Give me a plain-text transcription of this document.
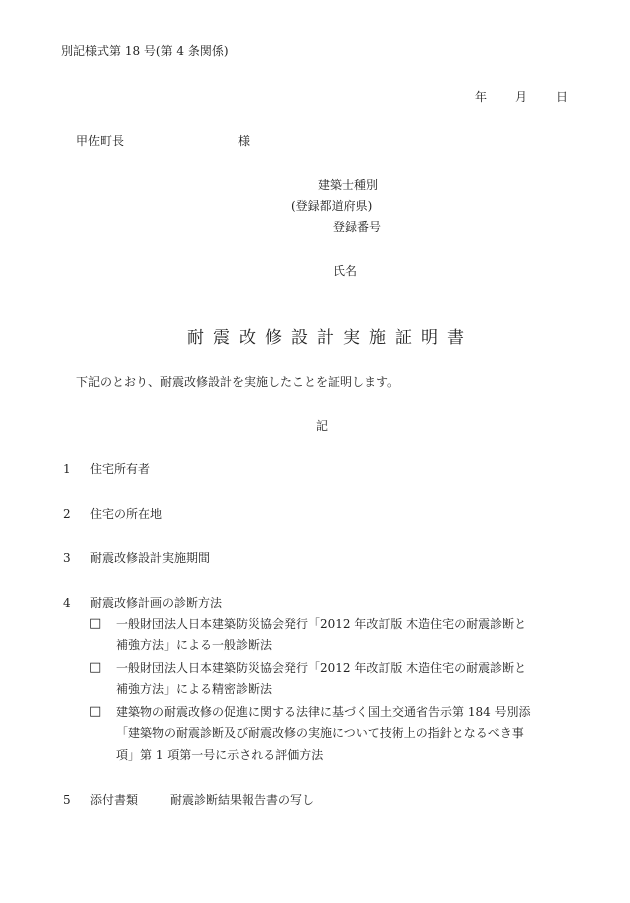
別記様式第 18 号(第 4 条関係)
年 月 日
甲佐町長	様
建築士種別
(登録都道府県)
登録番号
氏名
耐震改修設計実施証明書
下記のとおり、耐震改修設計を実施したことを証明します。
記
1 住宅所有者
2 住宅の所在地
3 耐震改修設計実施期間
4 耐震改修計画の診断方法
□ 一般財団法人日本建築防災協会発行「2012 年改訂版 木造住宅の耐震診断と
補強方法」による一般診断法
□ 一般財団法人日本建築防災協会発行「2012 年改訂版 木造住宅の耐震診断と
補強方法」による精密診断法
□ 建築物の耐震改修の促進に関する法律に基づく国土交通省告示第 184 号別添
「建築物の耐震診断及び耐震改修の実施について技術上の指針となるべき事
項」第 1 項第一号に示される評価方法
5 添付書類	耐震診断結果報告書の写し
